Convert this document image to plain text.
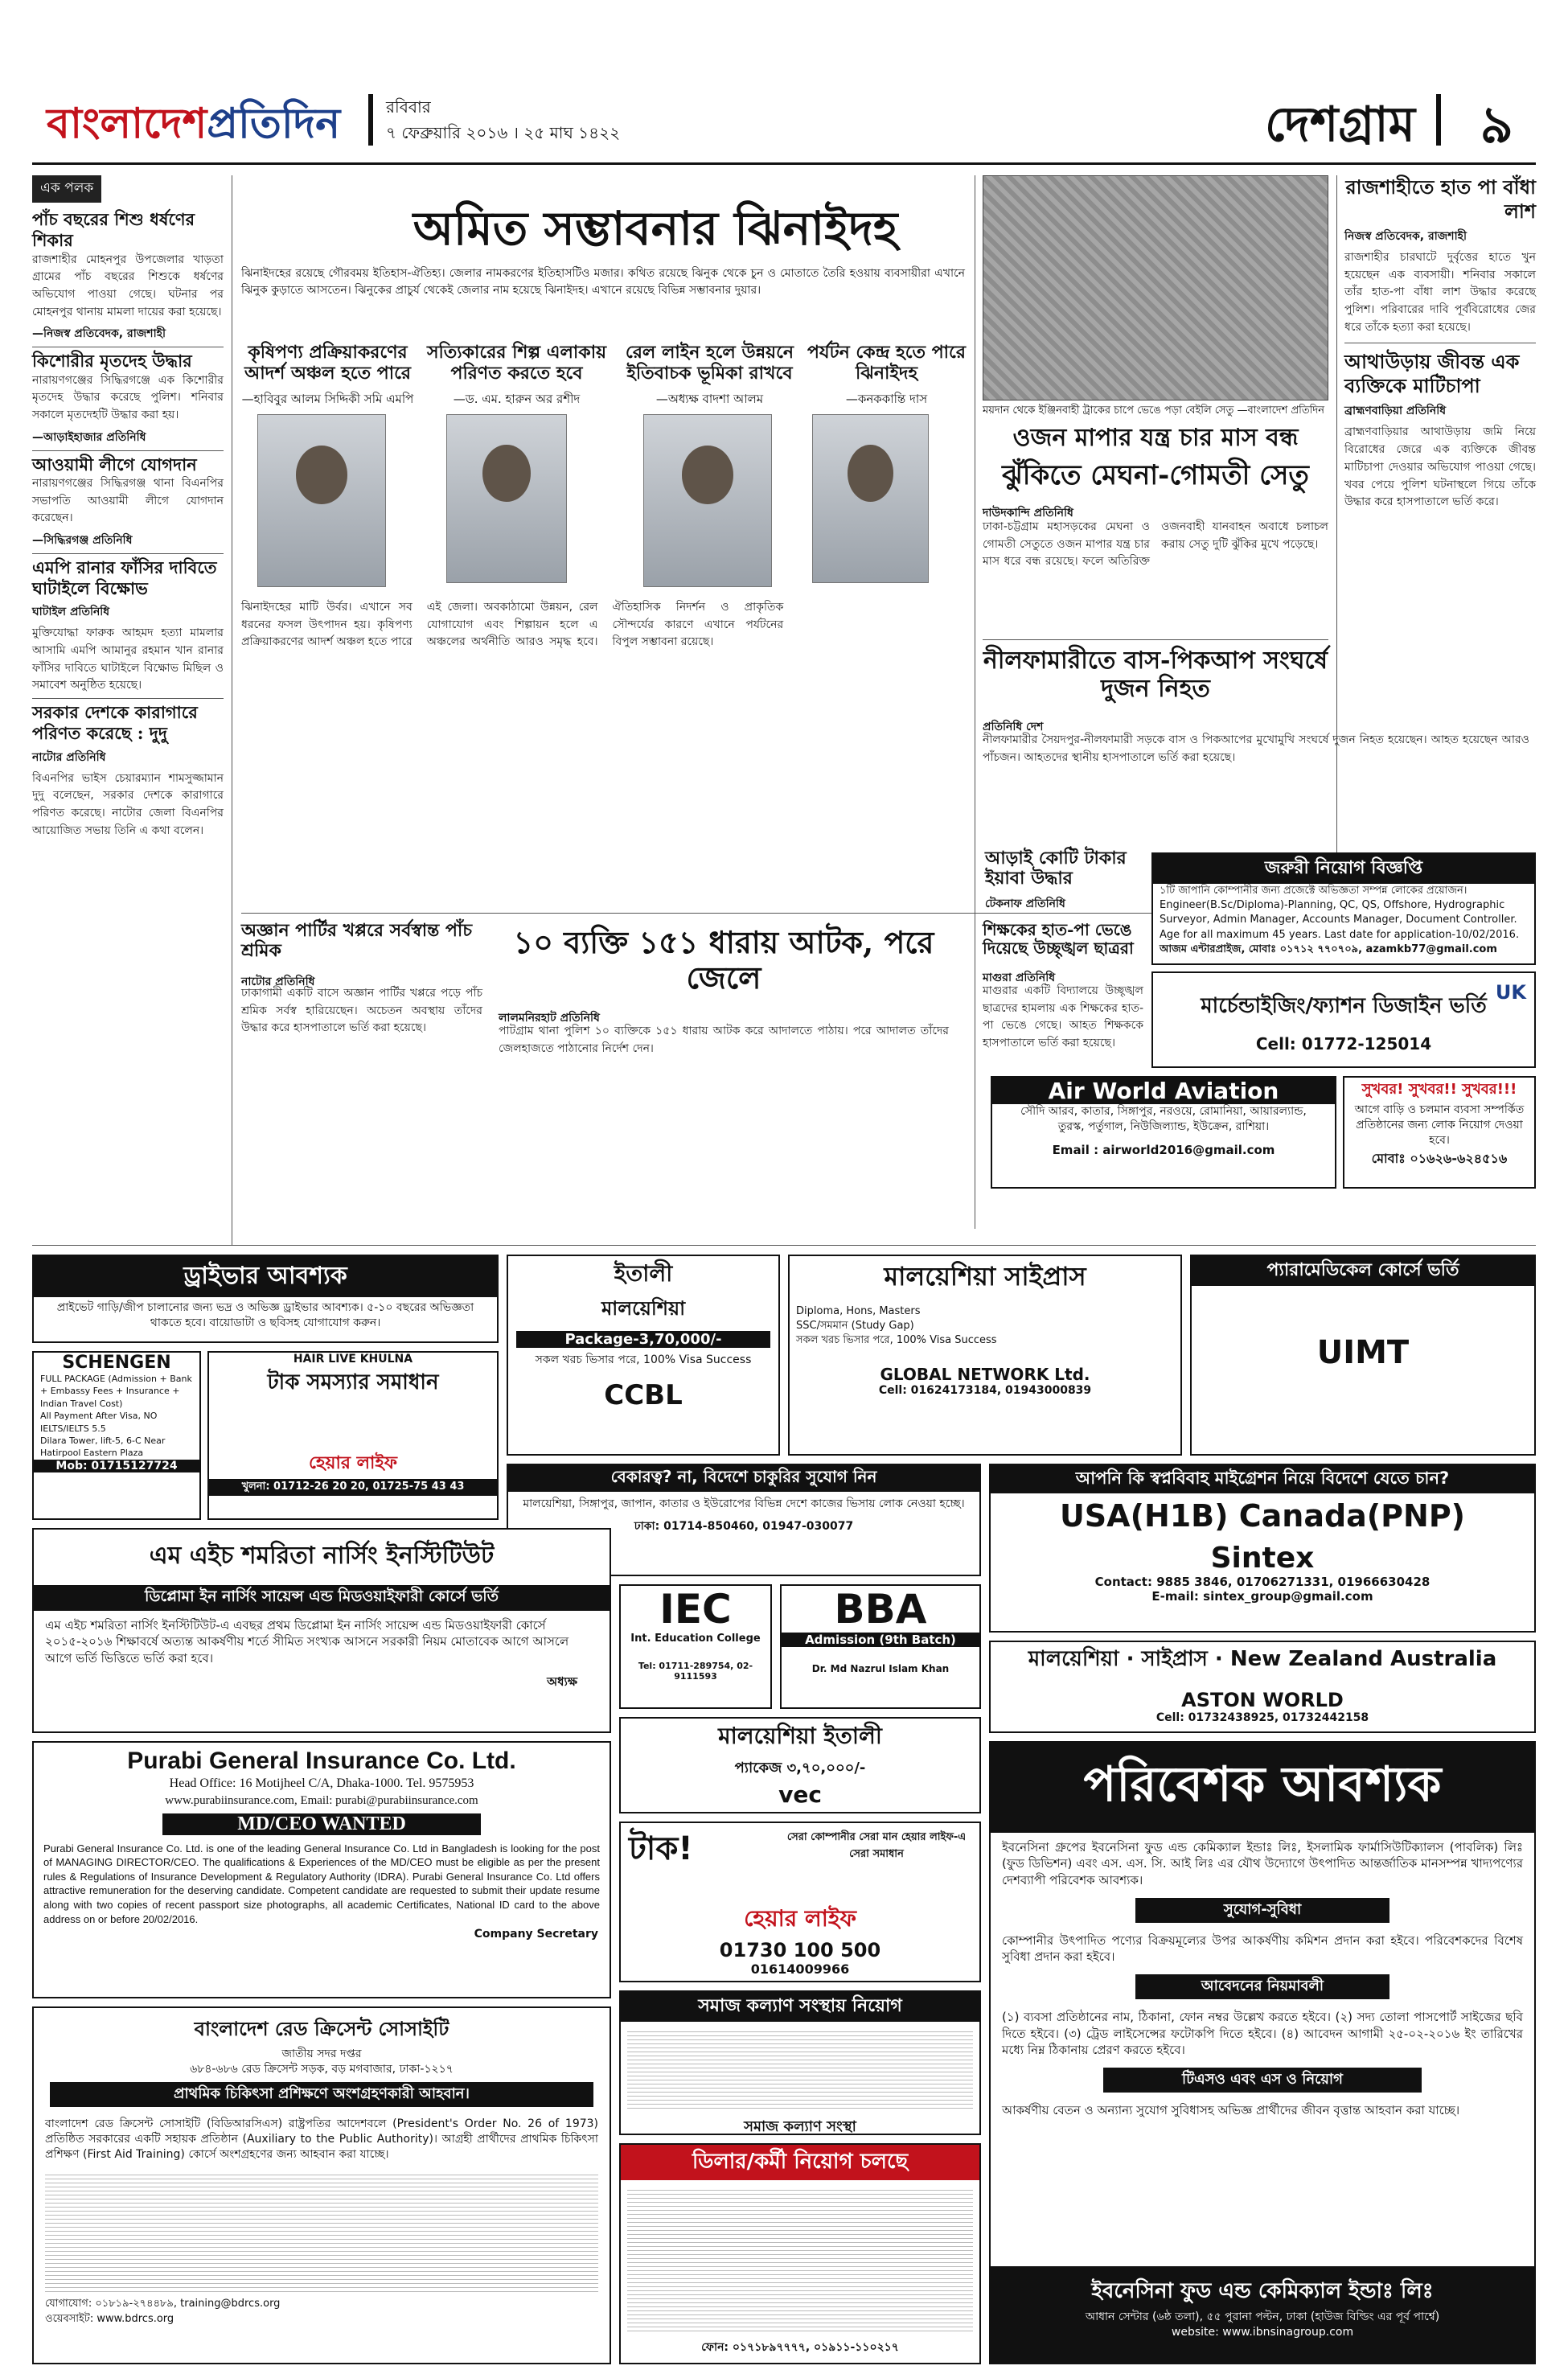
বাংলাদেশপ্রতিদিন	রবিবার
৭ ফেব্রুয়ারি ২০১৬ । ২৫ মাঘ ১৪২২	দেশগ্রাম ৯
এক পলক
পাঁচ বছরের শিশু ধর্ষণের শিকার
রাজশাহীর মোহনপুর উপজেলার খাড়তা গ্রামের পাঁচ বছরের শিশুকে ধর্ষণের অভিযোগ পাওয়া গেছে। ঘটনার পর মোহনপুর থানায় মামলা দায়ের করা হয়েছে।
—নিজস্ব প্রতিবেদক, রাজশাহী
কিশোরীর মৃতদেহ উদ্ধার
নারায়ণগঞ্জের সিদ্ধিরগঞ্জে এক কিশোরীর মৃতদেহ উদ্ধার করেছে পুলিশ। শনিবার সকালে মৃতদেহটি উদ্ধার করা হয়।
—আড়াইহাজার প্রতিনিধি
আওয়ামী লীগে যোগদান
নারায়ণগঞ্জের সিদ্ধিরগঞ্জ থানা বিএনপির সভাপতি আওয়ামী লীগে যোগদান করেছেন।
—সিদ্ধিরগঞ্জ প্রতিনিধি
এমপি রানার ফাঁসির দাবিতে ঘাটাইলে বিক্ষোভ
ঘাটাইল প্রতিনিধি
মুক্তিযোদ্ধা ফারুক আহমদ হত্যা মামলার আসামি এমপি আমানুর রহমান খান রানার ফাঁসির দাবিতে ঘাটাইলে বিক্ষোভ মিছিল ও সমাবেশ অনুষ্ঠিত হয়েছে।
সরকার দেশকে কারাগারে পরিণত করেছে : দুদু
নাটোর প্রতিনিধি
বিএনপির ভাইস চেয়ারম্যান শামসুজ্জামান দুদু বলেছেন, সরকার দেশকে কারাগারে পরিণত করেছে। নাটোর জেলা বিএনপির আয়োজিত সভায় তিনি এ কথা বলেন।
অমিত সম্ভাবনার ঝিনাইদহ
ঝিনাইদহের রয়েছে গৌরবময় ইতিহাস-ঐতিহ্য। জেলার নামকরণের ইতিহাসটিও মজার। কথিত রয়েছে ঝিনুক থেকে চুন ও মোতাতে তৈরি হওয়ায় ব্যবসায়ীরা এখানে ঝিনুক কুড়াতে আসতেন। ঝিনুকের প্রাচুর্য থেকেই জেলার নাম হয়েছে ঝিনাইদহ। এখানে রয়েছে বিভিন্ন সম্ভাবনার দুয়ার।
কৃষিপণ্য প্রক্রিয়াকরণের আদর্শ অঞ্চল হতে পারে
—হাবিবুর আলম সিদ্দিকী সমি এমপি
সত্যিকারের শিল্প এলাকায় পরিণত করতে হবে
—ড. এম. হারুন অর রশীদ
রেল লাইন হলে উন্নয়নে ইতিবাচক ভূমিকা রাখবে
—অধ্যক্ষ বাদশা আলম
পর্যটন কেন্দ্র হতে পারে ঝিনাইদহ
—কনককান্তি দাস
ঝিনাইদহের মাটি উর্বর। এখানে সব ধরনের ফসল উৎপাদন হয়। কৃষিপণ্য প্রক্রিয়াকরণের আদর্শ অঞ্চল হতে পারে এই জেলা। অবকাঠামো উন্নয়ন, রেল যোগাযোগ এবং শিল্পায়ন হলে এ অঞ্চলের অর্থনীতি আরও সমৃদ্ধ হবে। ঐতিহাসিক নিদর্শন ও প্রাকৃতিক সৌন্দর্যের কারণে এখানে পর্যটনের বিপুল সম্ভাবনা রয়েছে।
ময়দান থেকে ইঞ্জিনবাহী ট্রাকের চাপে ভেঙে পড়া বেইলি সেতু —বাংলাদেশ প্রতিদিন
ওজন মাপার যন্ত্র চার মাস বন্ধ
ঝুঁকিতে মেঘনা-গোমতী সেতু
দাউদকান্দি প্রতিনিধি
ঢাকা-চট্টগ্রাম মহাসড়কের মেঘনা ও গোমতী সেতুতে ওজন মাপার যন্ত্র চার মাস ধরে বন্ধ রয়েছে। ফলে অতিরিক্ত ওজনবাহী যানবাহন অবাধে চলাচল করায় সেতু দুটি ঝুঁকির মুখে পড়েছে।
রাজশাহীতে হাত পা বাঁধা লাশ
নিজস্ব প্রতিবেদক, রাজশাহী
রাজশাহীর চারঘাটে দুর্বৃত্তের হাতে খুন হয়েছেন এক ব্যবসায়ী। শনিবার সকালে তাঁর হাত-পা বাঁধা লাশ উদ্ধার করেছে পুলিশ। পরিবারের দাবি পূর্ববিরোধের জের ধরে তাঁকে হত্যা করা হয়েছে।
আথাউড়ায় জীবন্ত এক ব্যক্তিকে মাটিচাপা
ব্রাহ্মণবাড়িয়া প্রতিনিধি
ব্রাহ্মণবাড়িয়ার আথাউড়ায় জমি নিয়ে বিরোধের জেরে এক ব্যক্তিকে জীবন্ত মাটিচাপা দেওয়ার অভিযোগ পাওয়া গেছে। খবর পেয়ে পুলিশ ঘটনাস্থলে গিয়ে তাঁকে উদ্ধার করে হাসপাতালে ভর্তি করে।
নীলফামারীতে বাস-পিকআপ সংঘর্ষে দুজন নিহত
প্রতিনিধি দেশ
নীলফামারীর সৈয়দপুর-নীলফামারী সড়কে বাস ও পিকআপের মুখোমুখি সংঘর্ষে দুজন নিহত হয়েছেন। আহত হয়েছেন আরও পাঁচজন। আহতদের স্থানীয় হাসপাতালে ভর্তি করা হয়েছে।
অজ্ঞান পার্টির খপ্পরে সর্বস্বান্ত পাঁচ শ্রমিক
নাটোর প্রতিনিধি
ঢাকাগামী একটি বাসে অজ্ঞান পার্টির খপ্পরে পড়ে পাঁচ শ্রমিক সর্বস্ব হারিয়েছেন। অচেতন অবস্থায় তাঁদের উদ্ধার করে হাসপাতালে ভর্তি করা হয়েছে।
১০ ব্যক্তি ১৫১ ধারায় আটক, পরে জেলে
লালমনিরহাট প্রতিনিধি
পাটগ্রাম থানা পুলিশ ১০ ব্যক্তিকে ১৫১ ধারায় আটক করে আদালতে পাঠায়। পরে আদালত তাঁদের জেলহাজতে পাঠানোর নির্দেশ দেন।
শিক্ষকের হাত-পা ভেঙে দিয়েছে উচ্ছৃঙ্খল ছাত্ররা
মাগুরা প্রতিনিধি
মাগুরার একটি বিদ্যালয়ে উচ্ছৃঙ্খল ছাত্রদের হামলায় এক শিক্ষকের হাত-পা ভেঙে গেছে। আহত শিক্ষককে হাসপাতালে ভর্তি করা হয়েছে।
আড়াই কোটি টাকার ইয়াবা উদ্ধার
টেকনাফ প্রতিনিধি
জরুরী নিয়োগ বিজ্ঞপ্তি
১টি জাপানি কোম্পানীর জন্য প্রজেক্টে অভিজ্ঞতা সম্পন্ন লোকের প্রয়োজন।
Engineer(B.Sc/Diploma)-Planning, QC, QS, Offshore, Hydrographic Surveyor, Admin Manager, Accounts Manager, Document Controller.
Age for all maximum 45 years. Last date for application-10/02/2016.
আজম এন্টারপ্রাইজ, মোবাঃ ০১৭১২ ৭৭০৭০৯, azamkb77@gmail.com
মার্চেন্ডাইজিং/ফ্যাশন ডিজাইন ভর্তি
UK
Cell: 01772-125014
Air World Aviation
সৌদি আরব, কাতার, সিঙ্গাপুর, নরওয়ে, রোমানিয়া, আয়ারল্যান্ড,
তুরস্ক, পর্তুগাল, নিউজিল্যান্ড, ইউক্রেন, রাশিয়া।
Email : airworld2016@gmail.com
সুখবর! সুখবর!! সুখবর!!!
আগে বাড়ি ও চলমান ব্যবসা সম্পর্কিত প্রতিষ্ঠানের জন্য লোক নিয়োগ দেওয়া হবে।
মোবাঃ ০১৬২৬-৬২৪৫১৬
ড্রাইভার আবশ্যক
প্রাইভেট গাড়ি/জীপ চালানোর জন্য ভদ্র ও অভিজ্ঞ ড্রাইভার আবশ্যক। ৫-১০ বছরের অভিজ্ঞতা থাকতে হবে। বায়োডাটা ও ছবিসহ যোগাযোগ করুন।
ইতালী
মালয়েশিয়া
Package-3,70,000/-
সকল খরচ ভিসার পরে, 100% Visa Success
CCBL
মালয়েশিয়া সাইপ্রাস
Diploma, Hons, Masters
SSC/সমমান (Study Gap)
সকল খরচ ভিসার পরে, 100% Visa Success
GLOBAL NETWORK Ltd.
Cell: 01624173184, 01943000839
প্যারামেডিকেল কোর্সে ভর্তি
UIMT
SCHENGEN
FULL PACKAGE (Admission + Bank + Embassy Fees + Insurance + Indian Travel Cost)
All Payment After Visa, NO IELTS/IELTS 5.5
Dilara Tower, lift-5, 6-C Near Hatirpool Eastern Plaza
Mob: 01715127724
HAIR LIVE KHULNA
টাক সমস্যার সমাধান
হেয়ার লাইফ
খুলনা: 01712-26 20 20, 01725-75 43 43
বেকারত্ব? না, বিদেশে চাকুরির সুযোগ নিন
মালয়েশিয়া, সিঙ্গাপুর, জাপান, কাতার ও ইউরোপের বিভিন্ন দেশে কাজের ভিসায় লোক নেওয়া হচ্ছে।
ঢাকা: 01714-850460, 01947-030077
আপনি কি স্বপ্নবিবাহ মাইগ্রেশন নিয়ে বিদেশে যেতে চান?
USA(H1B) Canada(PNP)
Sintex
Contact: 9885 3846, 01706271331, 01966630428
E-mail: sintex_group@gmail.com
এম এইচ শমরিতা নার্সিং ইনস্টিটিউট
ডিপ্লোমা ইন নার্সিং সায়েন্স এন্ড মিডওয়াইফারী কোর্সে ভর্তি
এম এইচ শমরিতা নার্সিং ইনস্টিটিউট-এ এবছর প্রথম ডিপ্লোমা ইন নার্সিং সায়েন্স এন্ড মিডওয়াইফারী কোর্সে ২০১৫-২০১৬ শিক্ষাবর্ষে অত্যন্ত আকর্ষণীয় শর্তে সীমিত সংখ্যক আসনে সরকারী নিয়ম মোতাবেক আগে আসলে আগে ভর্তি ভিত্তিতে ভর্তি করা হবে।
অধ্যক্ষ
IEC
Int. Education College
Tel: 01711-289754, 02-9111593
BBA
Admission (9th Batch)
Dr. Md Nazrul Islam Khan	মালয়েশিয়া · সাইপ্রাস · New Zealand Australia
ASTON WORLD
Cell: 01732438925, 01732442158
মালয়েশিয়া ইতালী
প্যাকেজ ৩,৭০,০০০/-
vec
Purabi General Insurance Co. Ltd.
Head Office: 16 Motijheel C/A, Dhaka-1000. Tel. 9575953
www.purabiinsurance.com, Email: purabi@purabiinsurance.com
MD/CEO WANTED
Purabi General Insurance Co. Ltd. is one of the leading General Insurance Co. Ltd in Bangladesh is looking for the post of MANAGING DIRECTOR/CEO. The qualifications & Experiences of the MD/CEO must be eligible as per the present rules & Regulations of Insurance Development & Regulatory Authority (IDRA). Purabi General Insurance Co. Ltd offers attractive remuneration for the deserving candidate. Competent candidate are requested to submit their update resume along with two copies of recent passport size photographs, all academic Certificates, National ID card to the above address on or before 20/02/2016.
Company Secretary
টাক!	সেরা কোম্পানীর সেরা মান হেয়ার লাইফ-এ সেরা সমাধান
হেয়ার লাইফ
01730 100 500
01614009966
সমাজ কল্যাণ সংস্থায় নিয়োগ
সমাজ কল্যাণ সংস্থা
বাংলাদেশ রেড ক্রিসেন্ট সোসাইটি
জাতীয় সদর দপ্তর
৬৮৪-৬৮৬ রেড ক্রিসেন্ট সড়ক, বড় মগবাজার, ঢাকা-১২১৭
প্রাথমিক চিকিৎসা প্রশিক্ষণে অংশগ্রহণকারী আহবান।
বাংলাদেশ রেড ক্রিসেন্ট সোসাইটি (বিডিআরসিএস) রাষ্ট্রপতির আদেশবলে (President's Order No. 26 of 1973) প্রতিষ্ঠিত সরকারের একটি সহায়ক প্রতিষ্ঠান (Auxiliary to the Public Authority)। আগ্রহী প্রার্থীদের প্রাথমিক চিকিৎসা প্রশিক্ষণ (First Aid Training) কোর্সে অংশগ্রহণের জন্য আহবান করা যাচ্ছে।
যোগাযোগ: ০১৮১৯-২৭৪৪৮৯, training@bdrcs.org
ওয়েবসাইট: www.bdrcs.org
ডিলার/কর্মী নিয়োগ চলছে
ফোন: ০১৭১৮৯৭৭৭৭, ০১৯১১-১১০২১৭
পরিবেশক আবশ্যক
ইবনেসিনা গ্রুপের ইবনেসিনা ফুড এন্ড কেমিক্যাল ইন্ডাঃ লিঃ, ইসলামিক ফার্মাসিউটিক্যালস (পাবলিক) লিঃ (ফুড ডিভিশন) এবং এস. এস. সি. আই লিঃ এর যৌথ উদ্যোগে উৎপাদিত আন্তর্জাতিক মানসম্পন্ন খাদ্যপণ্যের দেশব্যাপী পরিবেশক আবশ্যক।
সুযোগ-সুবিধা
কোম্পানীর উৎপাদিত পণ্যের বিক্রয়মূল্যের উপর আকর্ষণীয় কমিশন প্রদান করা হইবে। পরিবেশকদের বিশেষ সুবিধা প্রদান করা হইবে।
আবেদনের নিয়মাবলী
(১) ব্যবসা প্রতিষ্ঠানের নাম, ঠিকানা, ফোন নম্বর উল্লেখ করতে হইবে। (২) সদ্য তোলা পাসপোর্ট সাইজের ছবি দিতে হইবে। (৩) ট্রেড লাইসেন্সের ফটোকপি দিতে হইবে। (৪) আবেদন আগামী ২৫-০২-২০১৬ ইং তারিখের মধ্যে নিম্ন ঠিকানায় প্রেরণ করতে হইবে।
টিএসও এবং এস ও নিয়োগ
আকর্ষণীয় বেতন ও অন্যান্য সুযোগ সুবিধাসহ অভিজ্ঞ প্রার্থীদের জীবন বৃত্তান্ত আহবান করা যাচ্ছে।
ইবনেসিনা ফুড এন্ড কেমিক্যাল ইন্ডাঃ লিঃ
আধান সেন্টার (৬ষ্ঠ তলা), ৫৫ পুরানা পল্টন, ঢাকা (হাউজ বিল্ডিং এর পূর্ব পার্শ্বে)
website: www.ibnsinagroup.com
